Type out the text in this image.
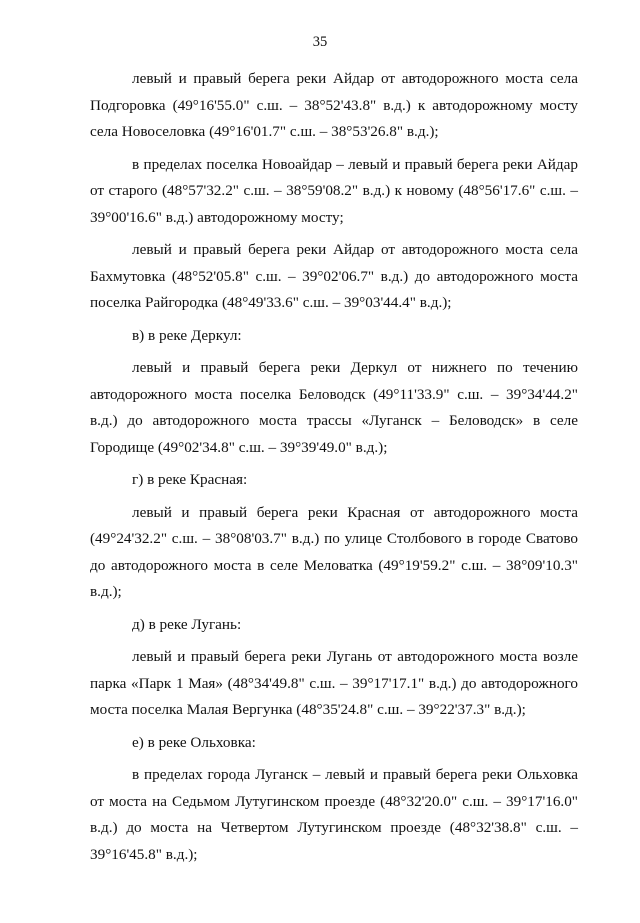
35

левый и правый берега реки Айдар от автодорожного моста села Подгоровка (49°16'55.0" с.ш. – 38°52'43.8" в.д.) к автодорожному мосту села Новоселовка (49°16'01.7" с.ш. – 38°53'26.8" в.д.);

в пределах поселка Новоайдар – левый и правый берега реки Айдар от старого (48°57'32.2" с.ш. – 38°59'08.2" в.д.) к новому (48°56'17.6" с.ш. – 39°00'16.6" в.д.) автодорожному мосту;

левый и правый берега реки Айдар от автодорожного моста села Бахмутовка (48°52'05.8" с.ш. – 39°02'06.7" в.д.) до автодорожного моста поселка Райгородка (48°49'33.6" с.ш. – 39°03'44.4" в.д.);

в) в реке Деркул:

левый и правый берега реки Деркул от нижнего по течению автодорожного моста поселка Беловодск (49°11'33.9" с.ш. – 39°34'44.2" в.д.) до автодорожного моста трассы «Луганск – Беловодск» в селе Городище (49°02'34.8" с.ш. – 39°39'49.0" в.д.);

г) в реке Красная:

левый и правый берега реки Красная от автодорожного моста (49°24'32.2" с.ш. – 38°08'03.7" в.д.) по улице Столбового в городе Сватово до автодорожного моста в селе Меловатка (49°19'59.2" с.ш. – 38°09'10.3" в.д.);

д) в реке Лугань:

левый и правый берега реки Лугань от автодорожного моста возле парка «Парк 1 Мая» (48°34'49.8" с.ш. – 39°17'17.1" в.д.) до автодорожного моста поселка Малая Вергунка (48°35'24.8" с.ш. – 39°22'37.3" в.д.);

е) в реке Ольховка:

в пределах города Луганск – левый и правый берега реки Ольховка от моста на Седьмом Лутугинском проезде (48°32'20.0" с.ш. – 39°17'16.0" в.д.) до моста на Четвертом Лутугинском проезде (48°32'38.8" с.ш. – 39°16'45.8" в.д.);
